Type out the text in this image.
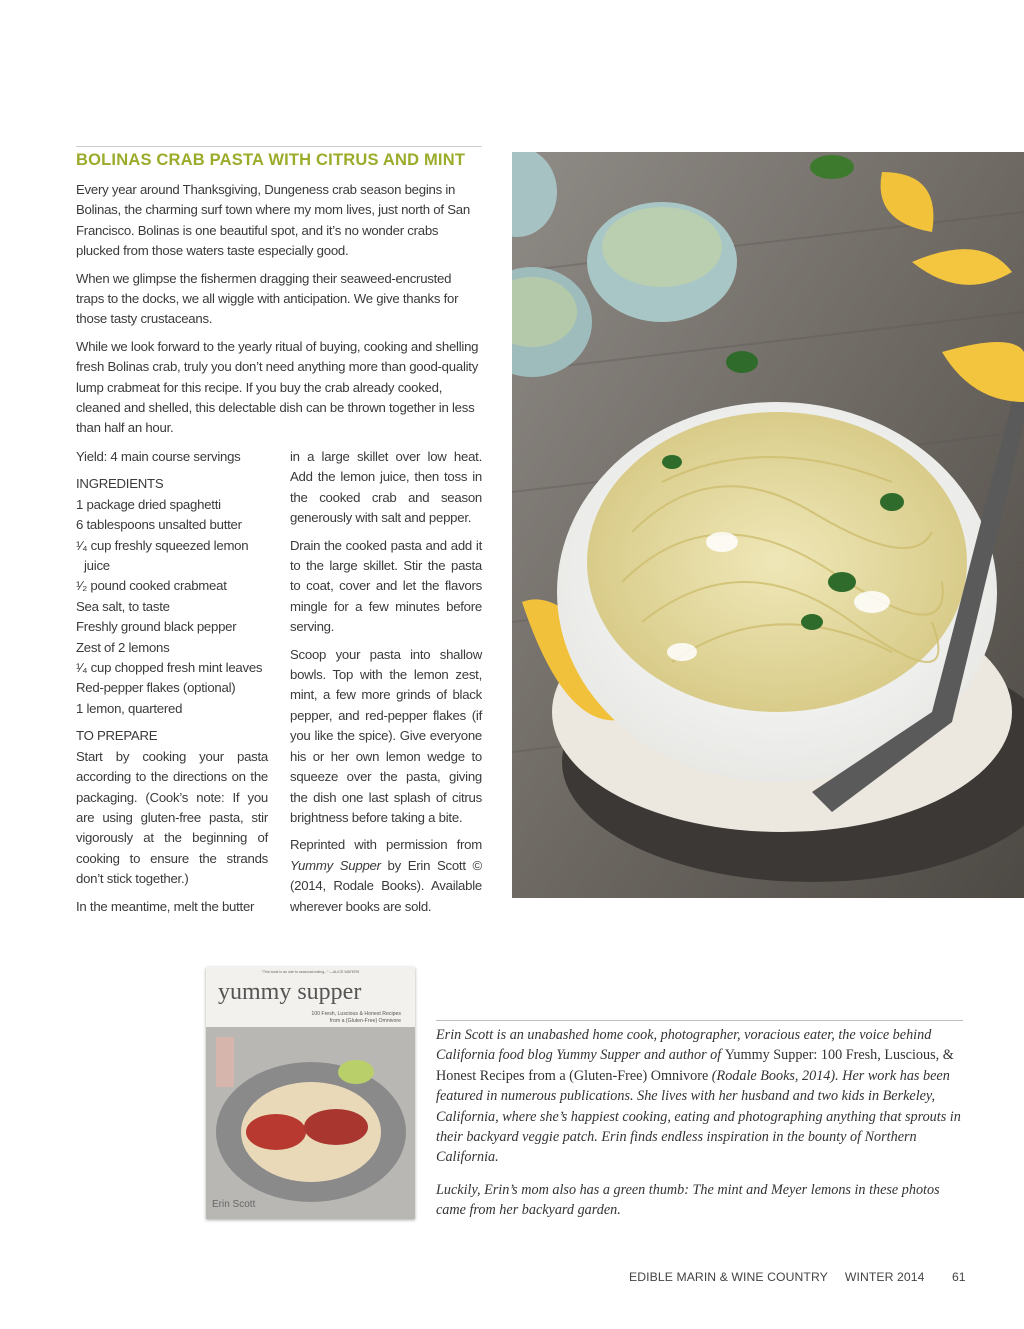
BOLINAS CRAB PASTA WITH CITRUS AND MINT

Every year around Thanksgiving, Dungeness crab season begins in Bolinas, the charming surf town where my mom lives, just north of San Francisco. Bolinas is one beautiful spot, and it’s no wonder crabs plucked from those waters taste especially good.

When we glimpse the fishermen dragging their seaweed-encrusted traps to the docks, we all wiggle with anticipation. We give thanks for those tasty crustaceans.

While we look forward to the yearly ritual of buying, cooking and shelling fresh Bolinas crab, truly you don’t need anything more than good-quality lump crabmeat for this recipe. If you buy the crab already cooked, cleaned and shelled, this delectable dish can be thrown together in less than half an hour.

Yield: 4 main course servings

INGREDIENTS
1 package dried spaghetti
6 tablespoons unsalted butter
¹⁄₄ cup freshly squeezed lemon
juice
¹⁄₂ pound cooked crabmeat
Sea salt, to taste
Freshly ground black pepper
Zest of 2 lemons
¹⁄₄ cup chopped fresh mint leaves
Red-pepper flakes (optional)
1 lemon, quartered
TO PREPARE

Start by cooking your pasta according to the directions on the packaging. (Cook’s note: If you are using gluten-free pasta, stir vigorously at the beginning of cooking to ensure the strands don’t stick together.)

In the meantime, melt the butter

in a large skillet over low heat. Add the lemon juice, then toss in the cooked crab and season generously with salt and pepper.

Drain the cooked pasta and add it to the large skillet. Stir the pasta to coat, cover and let the flavors mingle for a few minutes before serving.

Scoop your pasta into shallow bowls. Top with the lemon zest, mint, a few more grinds of black pepper, and red-pepper flakes (if you like the spice). Give everyone his or her own lemon wedge to squeeze over the pasta, giving the dish one last splash of citrus brightness before taking a bite.

Reprinted with permission from Yummy Supper by Erin Scott © (2014, Rodale Books). Available wherever books are sold.

“This book is an ode to seasonal eating...” —ALICE WATERS
yummy supper
100 Fresh, Luscious & Honest Recipes
from a {Gluten-Free} Omnivore
Erin Scott

Erin Scott is an unabashed home cook, photographer, voracious eater, the voice behind California food blog Yummy Supper and author of Yummy Supper: 100 Fresh, Luscious, & Honest Recipes from a (Gluten-Free) Omnivore (Rodale Books, 2014). Her work has been featured in numerous publications. She lives with her husband and two kids in Berkeley, California, where she’s happiest cooking, eating and photographing anything that sprouts in their backyard veggie patch. Erin finds endless inspiration in the bounty of Northern California.

Luckily, Erin’s mom also has a green thumb: The mint and Meyer lemons in these photos came from her backyard garden.

EDIBLE MARIN & WINE COUNTRY WINTER 2014 61
